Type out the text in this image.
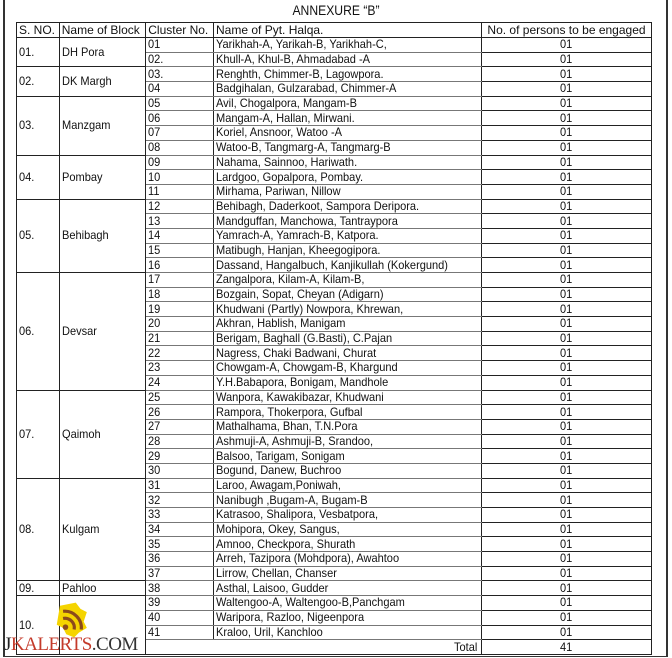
ANNEXURE “B”
S. NO.	Name of Block	Cluster No.	Name of Pyt. Halqa.	No. of persons to be engaged
01.	DH Pora	01	Yarikhah-A, Yarikah-B, Yarikhah-C,	01
		02.	Khull-A, Khul-B, Ahmadabad -A	01
02.	DK Margh	03.	Renghth, Chimmer-B, Lagowpora.	01
		04	Badgihalan, Gulzarabad, Chimmer-A	01
03.	Manzgam	05	Avil, Chogalpora, Mangam-B	01
		06	Mangam-A, Hallan, Mirwani.	01
		07	Koriel, Ansnoor, Watoo -A	01
		08	Watoo-B, Tangmarg-A, Tangmarg-B	01
04.	Pombay	09	Nahama, Sainnoo, Hariwath.	01
		10	Lardgoo, Gopalpora, Pombay.	01
		11	Mirhama, Pariwan, Nillow	01
05.	Behibagh	12	Behibagh, Daderkoot, Sampora Deripora.	01
		13	Mandguffan, Manchowa, Tantraypora	01
		14	Yamrach-A, Yamrach-B, Katpora.	01
		15	Matibugh, Hanjan, Kheegogipora.	01
		16	Dassand, Hangalbuch, Kanjikullah (Kokergund)	01
06.	Devsar	17	Zangalpora, Kilam-A, Kilam-B,	01
		18	Bozgain, Sopat, Cheyan (Adigarn)	01
		19	Khudwani (Partly) Nowpora, Khrewan,	01
		20	Akhran, Hablish, Manigam	01
		21	Berigam, Baghall (G.Basti), C.Pajan	01
		22	Nagress, Chaki Badwani, Churat	01
		23	Chowgam-A, Chowgam-B, Khargund	01
		24	Y.H.Babapora, Bonigam, Mandhole	01
07.	Qaimoh	25	Wanpora, Kawakibazar, Khudwani	01
		26	Rampora, Thokerpora, Gufbal	01
		27	Mathalhama, Bhan, T.N.Pora	01
		28	Ashmuji-A, Ashmuji-B, Srandoo,	01
		29	Balsoo, Tarigam, Sonigam	01
		30	Bogund, Danew, Buchroo	01
08.	Kulgam	31	Laroo, Awagam,Poniwah,	01
		32	Nanibugh ,Bugam-A, Bugam-B	01
		33	Katrasoo, Shalipora, Vesbatpora,	01
		34	Mohipora, Okey, Sangus,	01
		35	Amnoo, Checkpora, Shurath	01
		36	Arreh, Tazipora (Mohdpora), Awahtoo	01
		37	Lirrow, Chellan, Chanser	01
09.	Pahloo	38	Asthal, Laisoo, Gudder	01
10.		39	Waltengoo-A, Waltengoo-B,Panchgam	01
		40	Waripora, Razloo, Nigeenpora	01
		41	Kraloo, Uril, Kanchloo	01
		Total		41
JKALERTS.COM
